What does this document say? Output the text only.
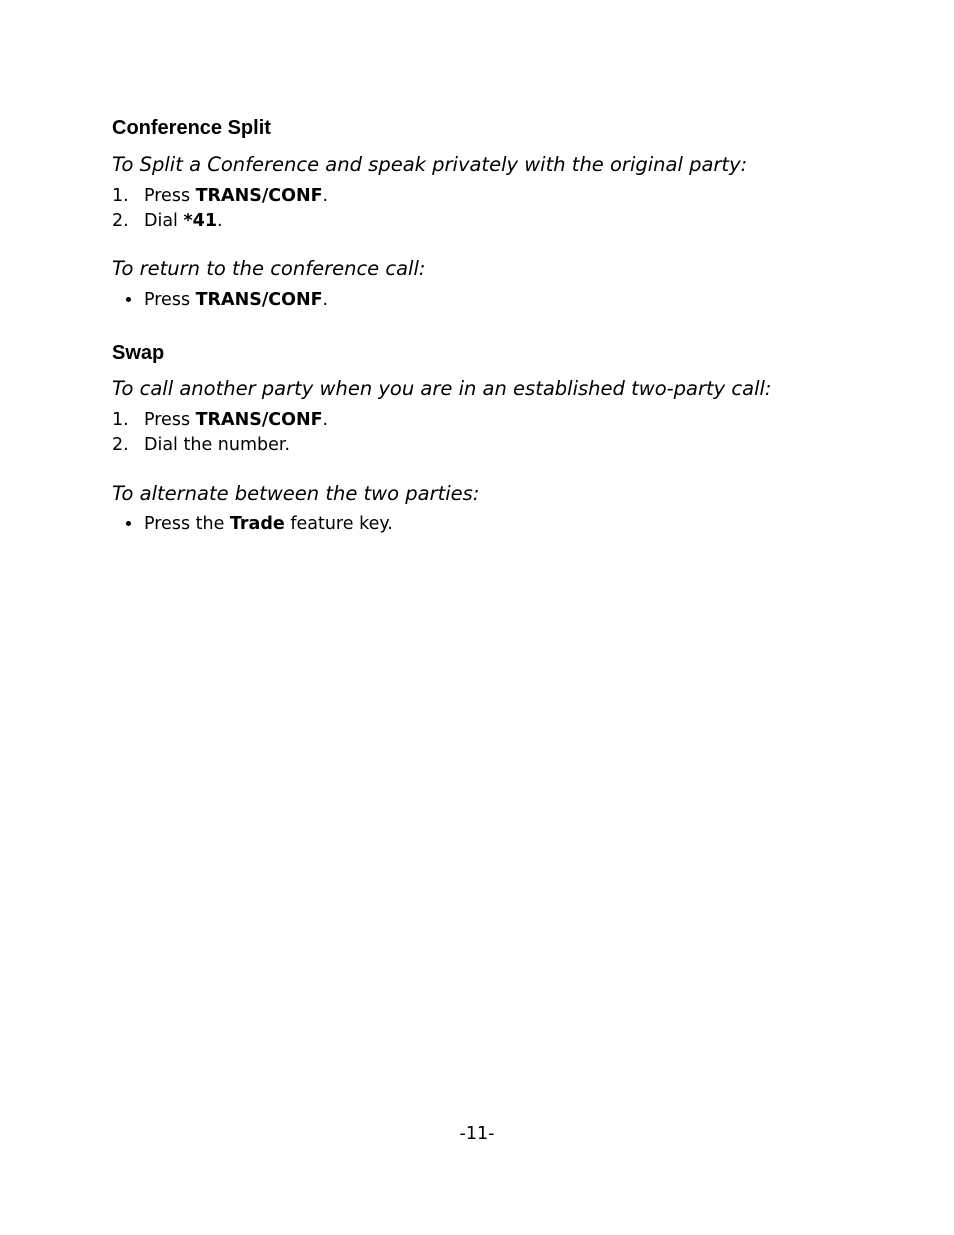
Conference Split

To Split a Conference and speak privately with the original party:

1. Press TRANS/CONF.
2. Dial *41.

To return to the conference call:

Press TRANS/CONF.
Swap

To call another party when you are in an established two-party call:

1. Press TRANS/CONF.
2. Dial the number.

To alternate between the two parties:

Press the Trade feature key.
-11-
